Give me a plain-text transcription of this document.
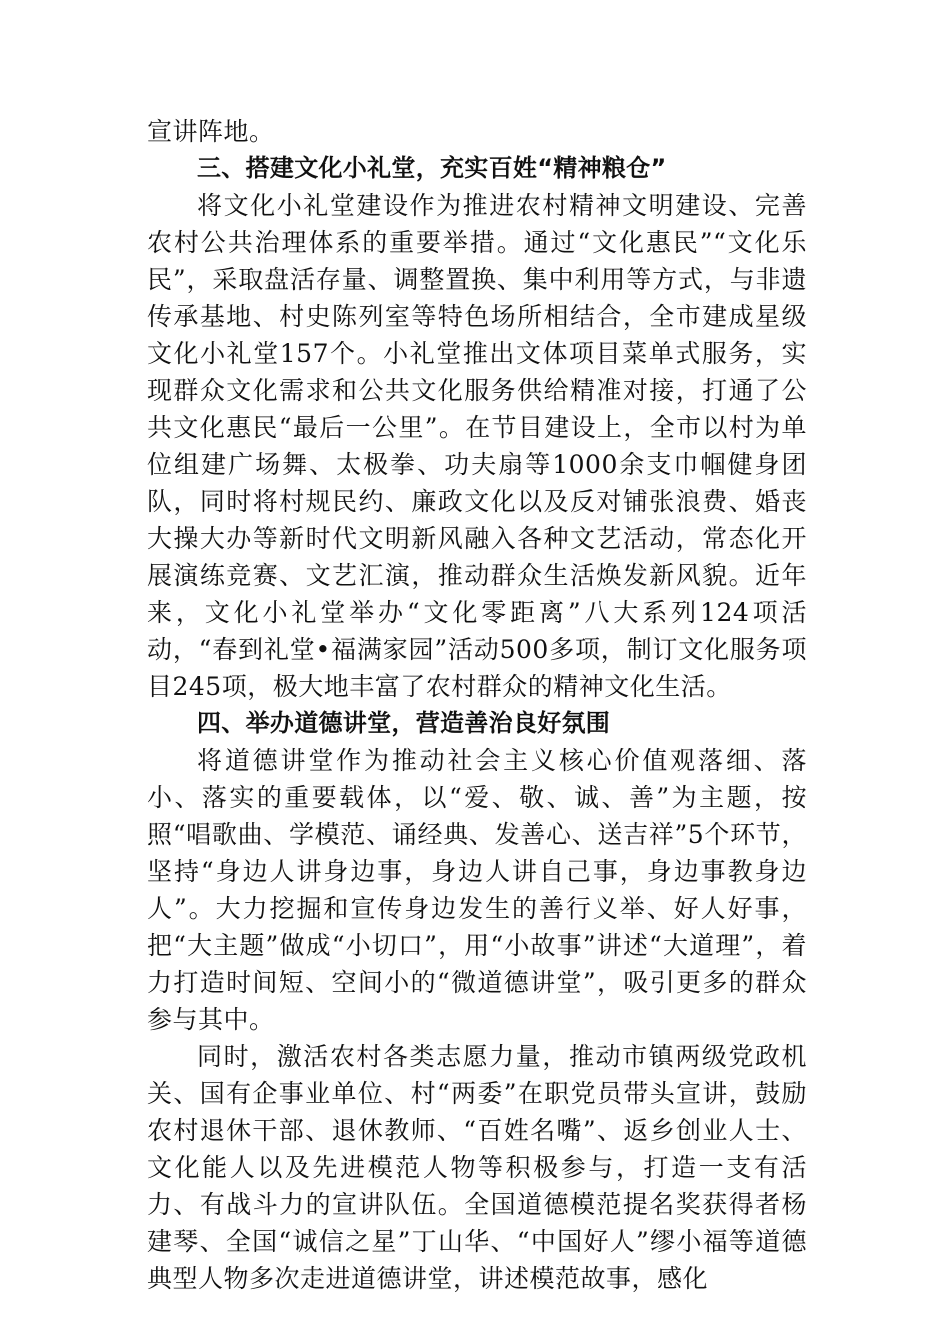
宣讲阵地。

三、搭建文化小礼堂，充实百姓“精神粮仓”

将文化小礼堂建设作为推进农村精神文明建设、完善农村公共治理体系的重要举措。通过“文化惠民”“文化乐民”，采取盘活存量、调整置换、集中利用等方式，与非遗传承基地、村史陈列室等特色场所相结合，全市建成星级文化小礼堂157个。小礼堂推出文体项目菜单式服务，实现群众文化需求和公共文化服务供给精准对接，打通了公共文化惠民“最后一公里”。在节目建设上，全市以村为单位组建广场舞、太极拳、功夫扇等1000余支巾帼健身团队，同时将村规民约、廉政文化以及反对铺张浪费、婚丧大操大办等新时代文明新风融入各种文艺活动，常态化开展演练竞赛、文艺汇演，推动群众生活焕发新风貌。近年来，文化小礼堂举办“文化零距离”八大系列124项活动，“春到礼堂•福满家园”活动500多项，制订文化服务项目245项，极大地丰富了农村群众的精神文化生活。

四、举办道德讲堂，营造善治良好氛围

将道德讲堂作为推动社会主义核心价值观落细、落小、落实的重要载体，以“爱、敬、诚、善”为主题，按照“唱歌曲、学模范、诵经典、发善心、送吉祥”5个环节，坚持“身边人讲身边事，身边人讲自己事，身边事教身边人”。大力挖掘和宣传身边发生的善行义举、好人好事，把“大主题”做成“小切口”，用“小故事”讲述“大道理”，着力打造时间短、空间小的“微道德讲堂”，吸引更多的群众参与其中。

同时，激活农村各类志愿力量，推动市镇两级党政机关、国有企事业单位、村“两委”在职党员带头宣讲，鼓励农村退休干部、退休教师、“百姓名嘴”、返乡创业人士、文化能人以及先进模范人物等积极参与，打造一支有活力、有战斗力的宣讲队伍。全国道德模范提名奖获得者杨建琴、全国“诚信之星”丁山华、“中国好人”缪小福等道德典型人物多次走进道德讲堂，讲述模范故事，感化
